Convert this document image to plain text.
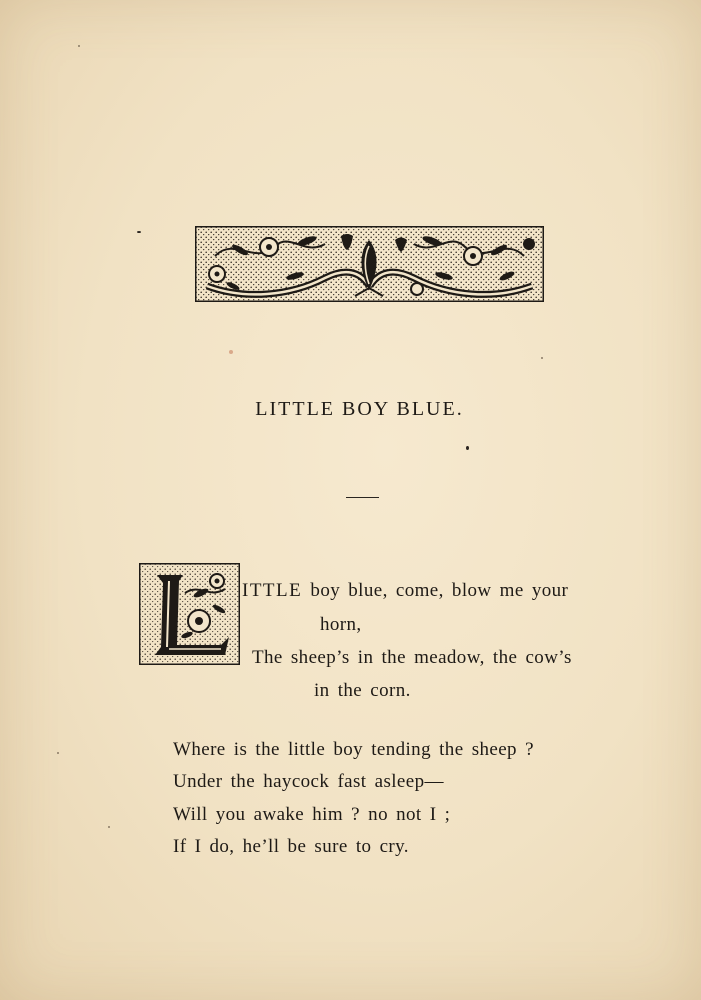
LITTLE BOY BLUE.
ITTLE boy blue, come, blow me your
horn,
The sheep’s in the meadow, the cow’s
in the corn.
Where is the little boy tending the sheep ?
Under the haycock fast asleep—
Will you awake him ? no not I ;
If I do, he’ll be sure to cry.
